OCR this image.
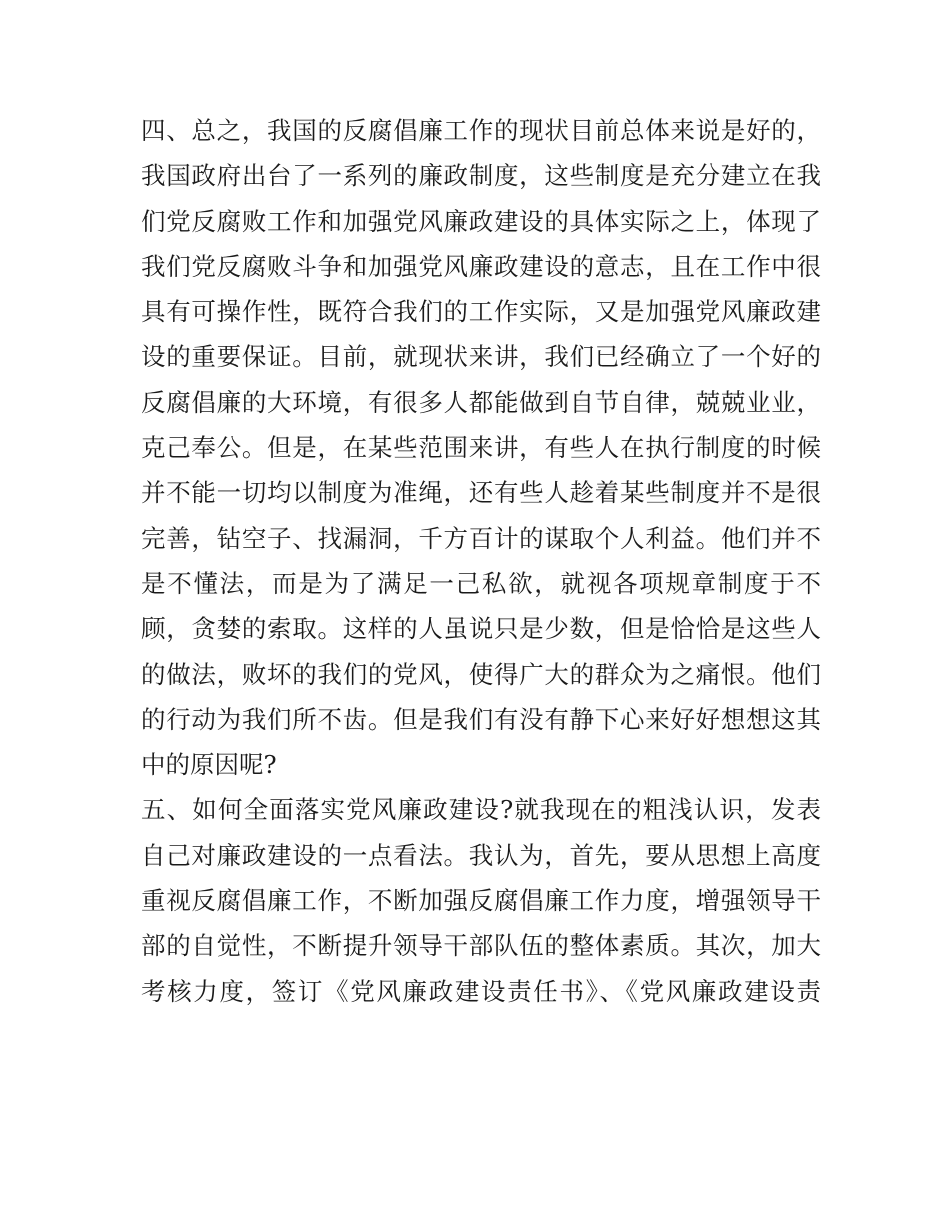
四、总之，我国的反腐倡廉工作的现状目前总体来说是好的，
我国政府出台了一系列的廉政制度，这些制度是充分建立在我
们党反腐败工作和加强党风廉政建设的具体实际之上，体现了
我们党反腐败斗争和加强党风廉政建设的意志，且在工作中很
具有可操作性，既符合我们的工作实际，又是加强党风廉政建
设的重要保证。目前，就现状来讲，我们已经确立了一个好的
反腐倡廉的大环境，有很多人都能做到自节自律，兢兢业业，
克己奉公。但是，在某些范围来讲，有些人在执行制度的时候
并不能一切均以制度为准绳，还有些人趁着某些制度并不是很
完善，钻空子、找漏洞，千方百计的谋取个人利益。他们并不
是不懂法，而是为了满足一己私欲，就视各项规章制度于不
顾，贪婪的索取。这样的人虽说只是少数，但是恰恰是这些人
的做法，败坏的我们的党风，使得广大的群众为之痛恨。他们
的行动为我们所不齿。但是我们有没有静下心来好好想想这其
中的原因呢?
五、如何全面落实党风廉政建设?就我现在的粗浅认识，发表
自己对廉政建设的一点看法。我认为，首先，要从思想上高度
重视反腐倡廉工作，不断加强反腐倡廉工作力度，增强领导干
部的自觉性，不断提升领导干部队伍的整体素质。其次，加大
考核力度，签订《党风廉政建设责任书》、《党风廉政建设责
